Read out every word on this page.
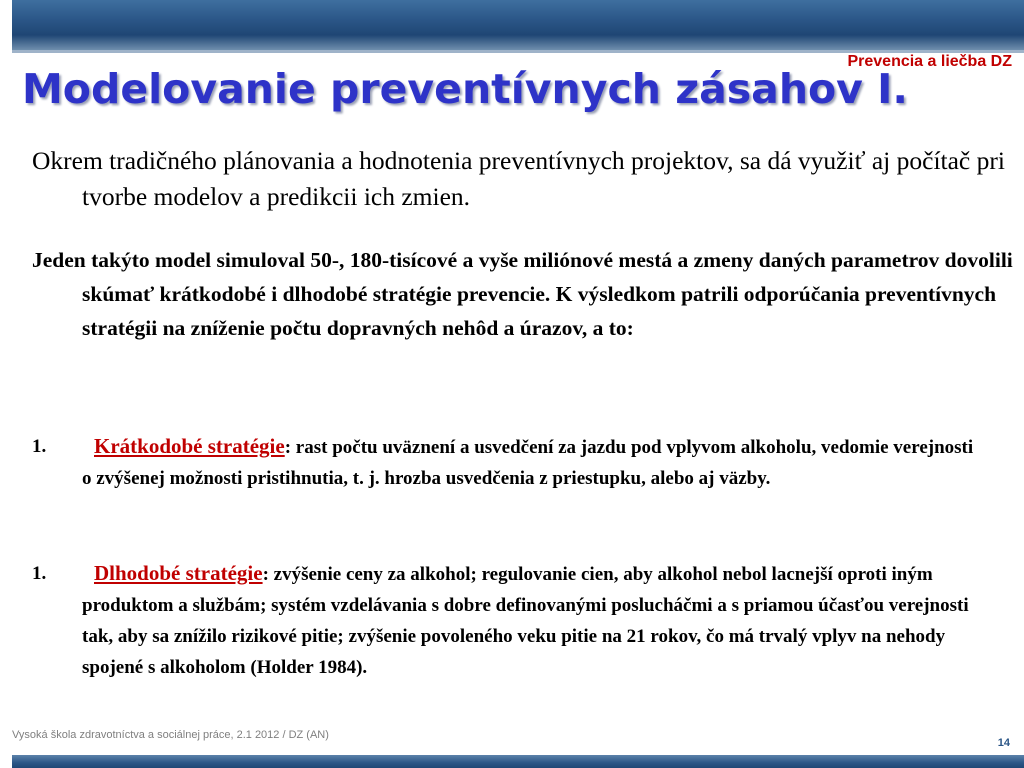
Prevencia a liečba DZ
Modelovanie preventívnych zásahov I.
Okrem tradičného plánovania a hodnotenia preventívnych projektov, sa dá využiť aj počítač pri tvorbe modelov a predikcii ich zmien.
Jeden takýto model simuloval 50-, 180-tisícové a vyše miliónové mestá a zmeny daných parametrov dovolili skúmať krátkodobé i dlhodobé stratégie prevencie. K výsledkom patrili odporúčania preventívnych stratégii na zníženie počtu dopravných nehôd a úrazov, a to:
1.	Krátkodobé stratégie: rast počtu uväznení a usvedčení za jazdu pod vplyvom alkoholu, vedomie verejnosti o zvýšenej možnosti pristihnutia, t. j. hrozba usvedčenia z priestupku, alebo aj väzby.
1.	Dlhodobé stratégie: zvýšenie ceny za alkohol; regulovanie cien, aby alkohol nebol lacnejší oproti iným produktom a službám; systém vzdelávania s dobre definovanými poslucháčmi a s priamou účasťou verejnosti tak, aby sa znížilo rizikové pitie; zvýšenie povoleného veku pitie na 21 rokov, čo má trvalý vplyv na nehody spojené s alkoholom (Holder 1984).
Vysoká škola zdravotníctva a sociálnej práce, 2.1 2012 / DZ (AN)
14
